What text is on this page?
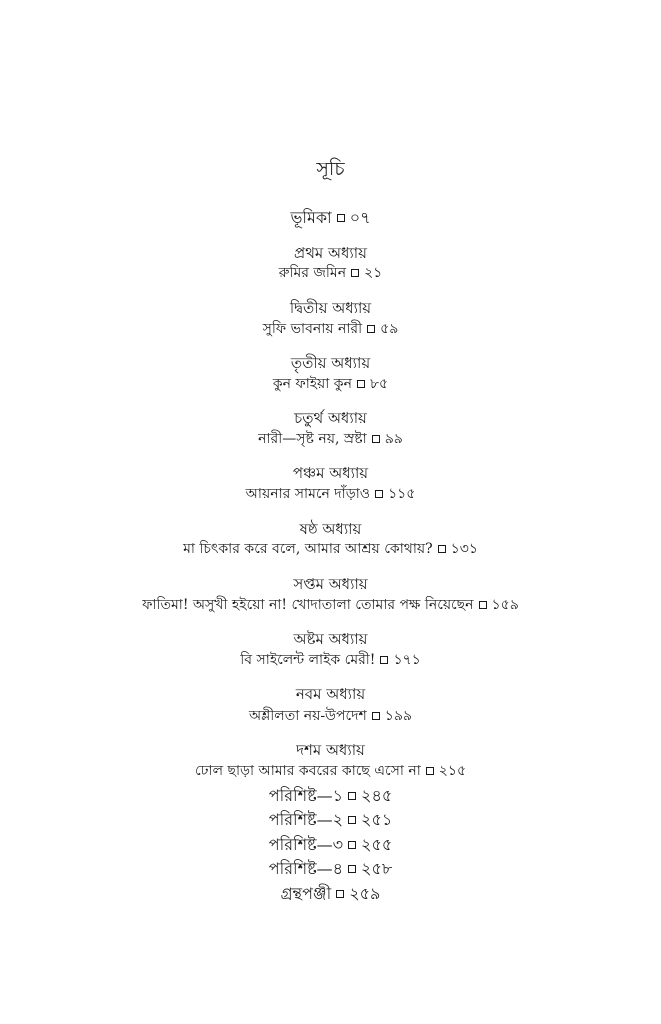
সূচি
ভূমিকা ০৭
প্রথম অধ্যায়
রুমির জমিন ২১
দ্বিতীয় অধ্যায়
সুফি ভাবনায় নারী ৫৯
তৃতীয় অধ্যায়
কুন ফাইয়া কুন ৮৫
চতুর্থ অধ্যায়
নারী—সৃষ্ট নয়, স্রষ্টা ৯৯
পঞ্চম অধ্যায়
আয়নার সামনে দাঁড়াও ১১৫
ষষ্ঠ অধ্যায়
মা চিৎকার করে বলে, আমার আশ্রয় কোথায়? ১৩১
সপ্তম অধ্যায়
ফাতিমা! অসুখী হইয়ো না! খোদাতালা তোমার পক্ষ নিয়েছেন ১৫৯
অষ্টম অধ্যায়
বি সাইলেন্ট লাইক মেরী! ১৭১
নবম অধ্যায়
অশ্লীলতা নয়-উপদেশ ১৯৯
দশম অধ্যায়
ঢোল ছাড়া আমার কবরের কাছে এসো না ২১৫
পরিশিষ্ট—১ ২৪৫
পরিশিষ্ট—২ ২৫১
পরিশিষ্ট—৩ ২৫৫
পরিশিষ্ট—৪ ২৫৮
গ্রন্থপঞ্জী ২৫৯
